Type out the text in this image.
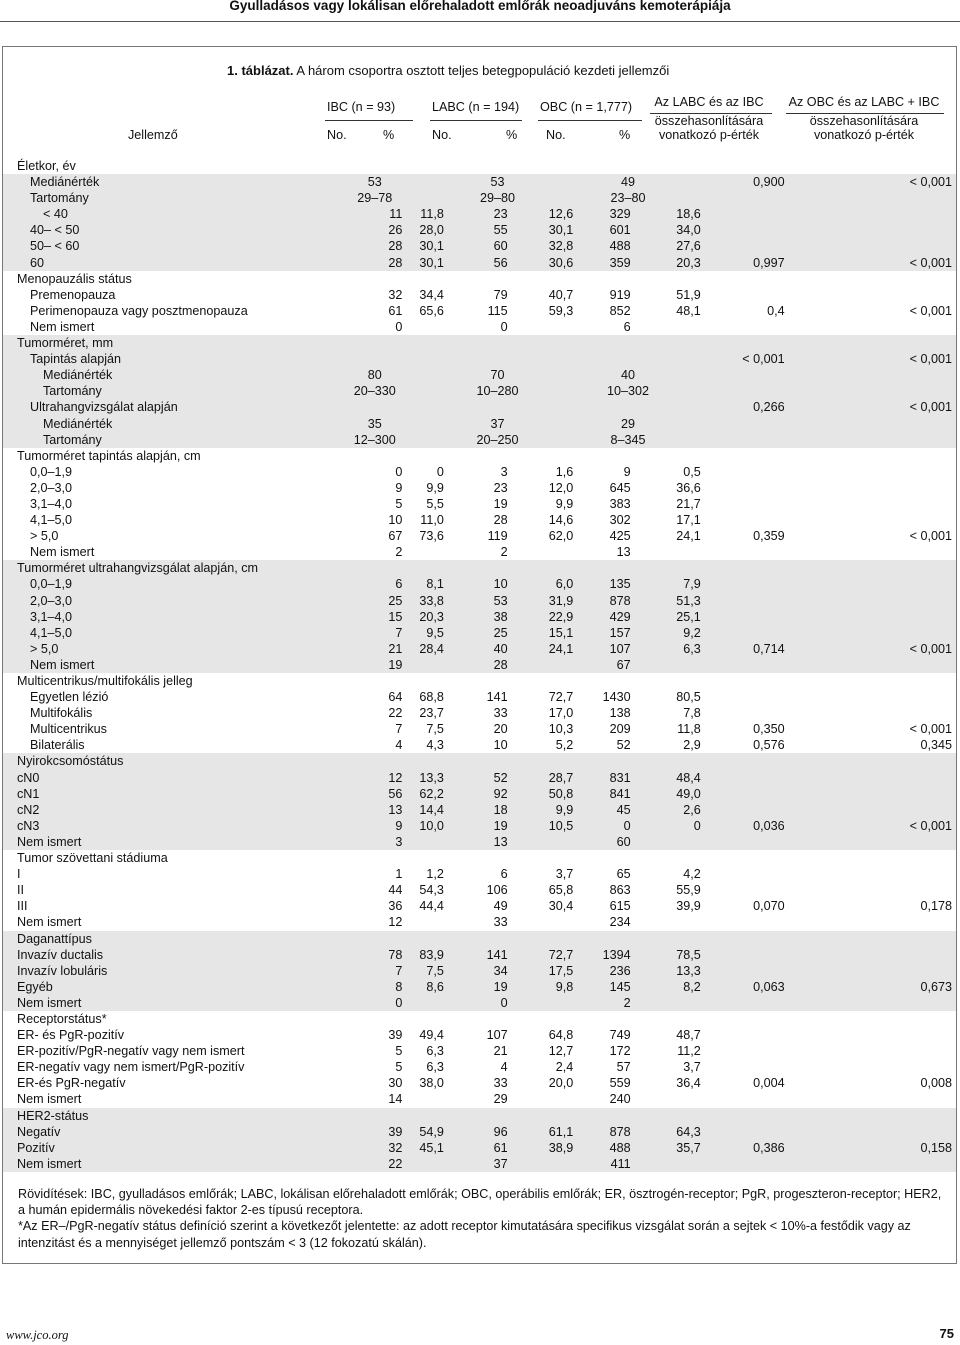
Gyulladásos vagy lokálisan előrehaladott emlőrák neoadjuváns kemoterápiája
1. táblázat. A három csoportra osztott teljes betegpopuláció kezdeti jellemzői
IBC (n = 93)	LABC (n = 194) OBC (n = 1,777)	Az LABC és az IBC
összehasonlítására
vonatkozó p-érték
Az OBC és az LABC + IBC
összehasonlítására
vonatkozó p-érték
Jellemző	No.	%	No.	% No.	%
Életkor, év								
Mediánérték	53		53		49		0,900	< 0,001
Tartomány	29–78		29–80		23–80			
< 40	11	11,8	23	12,6	329	18,6		
40– < 50	26	28,0	55	30,1	601	34,0		
50– < 60	28	30,1	60	32,8	488	27,6		
60	28	30,1	56	30,6	359	20,3	0,997	< 0,001
Menopauzális státus								
Premenopauza	32	34,4	79	40,7	919	51,9		
Perimenopauza vagy posztmenopauza	61	65,6	115	59,3	852	48,1	0,4	< 0,001
Nem ismert	0		0		6			
Tumorméret, mm								
Tapintás alapján							< 0,001	< 0,001
Mediánérték	80		70		40			
Tartomány	20–330		10–280		10–302			
Ultrahangvizsgálat alapján							0,266	< 0,001
Mediánérték	35		37		29			
Tartomány	12–300		20–250		8–345			
Tumorméret tapintás alapján, cm								
0,0–1,9	0	0	3	1,6	9	0,5		
2,0–3,0	9	9,9	23	12,0	645	36,6		
3,1–4,0	5	5,5	19	9,9	383	21,7		
4,1–5,0	10	11,0	28	14,6	302	17,1		
> 5,0	67	73,6	119	62,0	425	24,1	0,359	< 0,001
Nem ismert	2		2		13			
Tumorméret ultrahangvizsgálat alapján, cm								
0,0–1,9	6	8,1	10	6,0	135	7,9		
2,0–3,0	25	33,8	53	31,9	878	51,3		
3,1–4,0	15	20,3	38	22,9	429	25,1		
4,1–5,0	7	9,5	25	15,1	157	9,2		
> 5,0	21	28,4	40	24,1	107	6,3	0,714	< 0,001
Nem ismert	19		28		67			
Multicentrikus/multifokális jelleg								
Egyetlen lézió	64	68,8	141	72,7	1430	80,5		
Multifokális	22	23,7	33	17,0	138	7,8		
Multicentrikus	7	7,5	20	10,3	209	11,8	0,350	< 0,001
Bilaterális	4	4,3	10	5,2	52	2,9	0,576	0,345
Nyirokcsomóstátus								
cN0	12	13,3	52	28,7	831	48,4		
cN1	56	62,2	92	50,8	841	49,0		
cN2	13	14,4	18	9,9	45	2,6		
cN3	9	10,0	19	10,5	0	0	0,036	< 0,001
Nem ismert	3		13		60			
Tumor szövettani stádiuma								
I	1	1,2	6	3,7	65	4,2		
II	44	54,3	106	65,8	863	55,9		
III	36	44,4	49	30,4	615	39,9	0,070	0,178
Nem ismert	12		33		234			
Daganattípus								
Invazív ductalis	78	83,9	141	72,7	1394	78,5		
Invazív lobuláris	7	7,5	34	17,5	236	13,3		
Egyéb	8	8,6	19	9,8	145	8,2	0,063	0,673
Nem ismert	0		0		2			
Receptorstátus*								
ER- és PgR-pozitív	39	49,4	107	64,8	749	48,7		
ER-pozitív/PgR-negatív vagy nem ismert	5	6,3	21	12,7	172	11,2		
ER-negatív vagy nem ismert/PgR-pozitív	5	6,3	4	2,4	57	3,7		
ER-és PgR-negatív	30	38,0	33	20,0	559	36,4	0,004	0,008
Nem ismert	14		29		240			
HER2-státus								
Negatív	39	54,9	96	61,1	878	64,3		
Pozitív	32	45,1	61	38,9	488	35,7	0,386	0,158
Nem ismert	22		37		411			

Rövidítések: IBC, gyulladásos emlőrák; LABC, lokálisan előrehaladott emlőrák; OBC, operábilis emlőrák; ER, ösztrogén-receptor; PgR, progeszteron-receptor; HER2, a humán epidermális növekedési faktor 2-es típusú receptora.

*Az ER–/PgR-negatív státus definíció szerint a következőt jelentette: az adott receptor kimutatására specifikus vizsgálat során a sejtek < 10%-a festődik vagy az intenzitást és a mennyiséget jellemző pontszám < 3 (12 fokozatú skálán).

www.jco.org	75
